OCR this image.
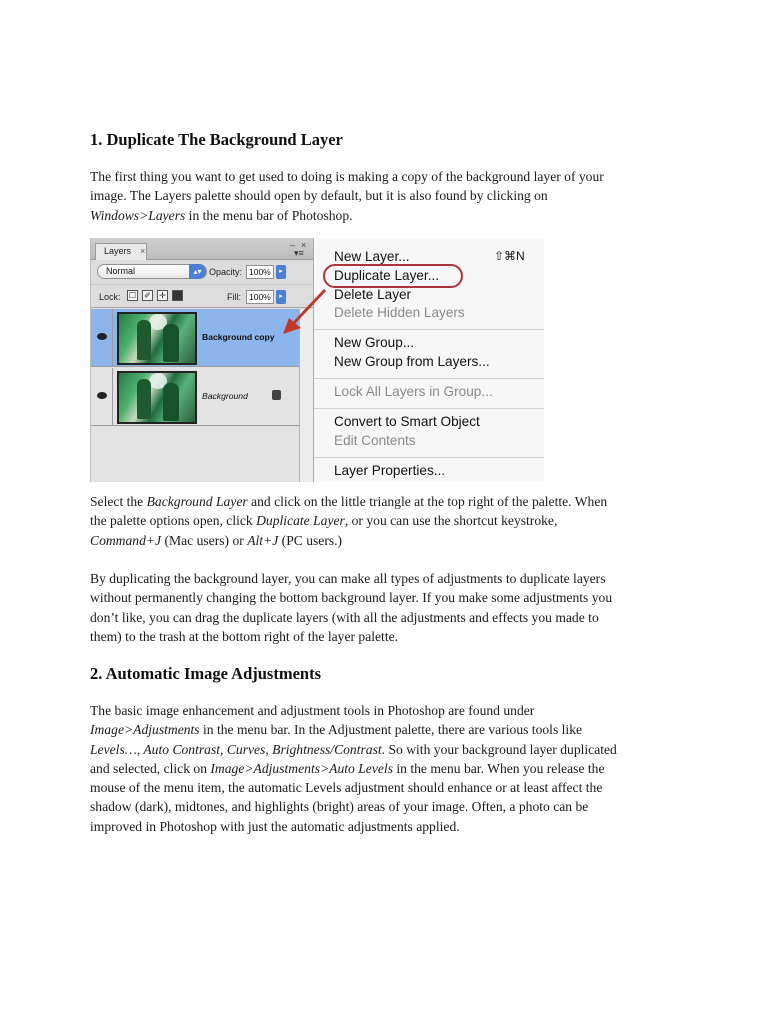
1. Duplicate The Background Layer
The first thing you want to get used to doing is making a copy of the background layer of your
image. The Layers palette should open by default, but it is also found by clicking on
Windows>Layers in the menu bar of Photoshop.
Layers ×
– ×
▾≡
Normal	▴▾ Opacity: 100%	▸
Lock: ☐ ✐ ✛	Fill: 100%	▸
Background copy
Background
New Layer...	⇧⌘N
Duplicate Layer...
Delete Layer
Delete Hidden Layers
New Group...
New Group from Layers...
Lock All Layers in Group...
Convert to Smart Object
Edit Contents
Layer Properties...
Select the Background Layer and click on the little triangle at the top right of the palette. When
the palette options open, click Duplicate Layer, or you can use the shortcut keystroke,
Command+J (Mac users) or Alt+J (PC users.)
By duplicating the background layer, you can make all types of adjustments to duplicate layers
without permanently changing the bottom background layer. If you make some adjustments you
don’t like, you can drag the duplicate layers (with all the adjustments and effects you made to
them) to the trash at the bottom right of the layer palette.
2. Automatic Image Adjustments
The basic image enhancement and adjustment tools in Photoshop are found under
Image>Adjustments in the menu bar. In the Adjustment palette, there are various tools like
Levels…, Auto Contrast, Curves, Brightness/Contrast. So with your background layer duplicated
and selected, click on Image>Adjustments>Auto Levels in the menu bar. When you release the
mouse of the menu item, the automatic Levels adjustment should enhance or at least affect the
shadow (dark), midtones, and highlights (bright) areas of your image. Often, a photo can be
improved in Photoshop with just the automatic adjustments applied.
